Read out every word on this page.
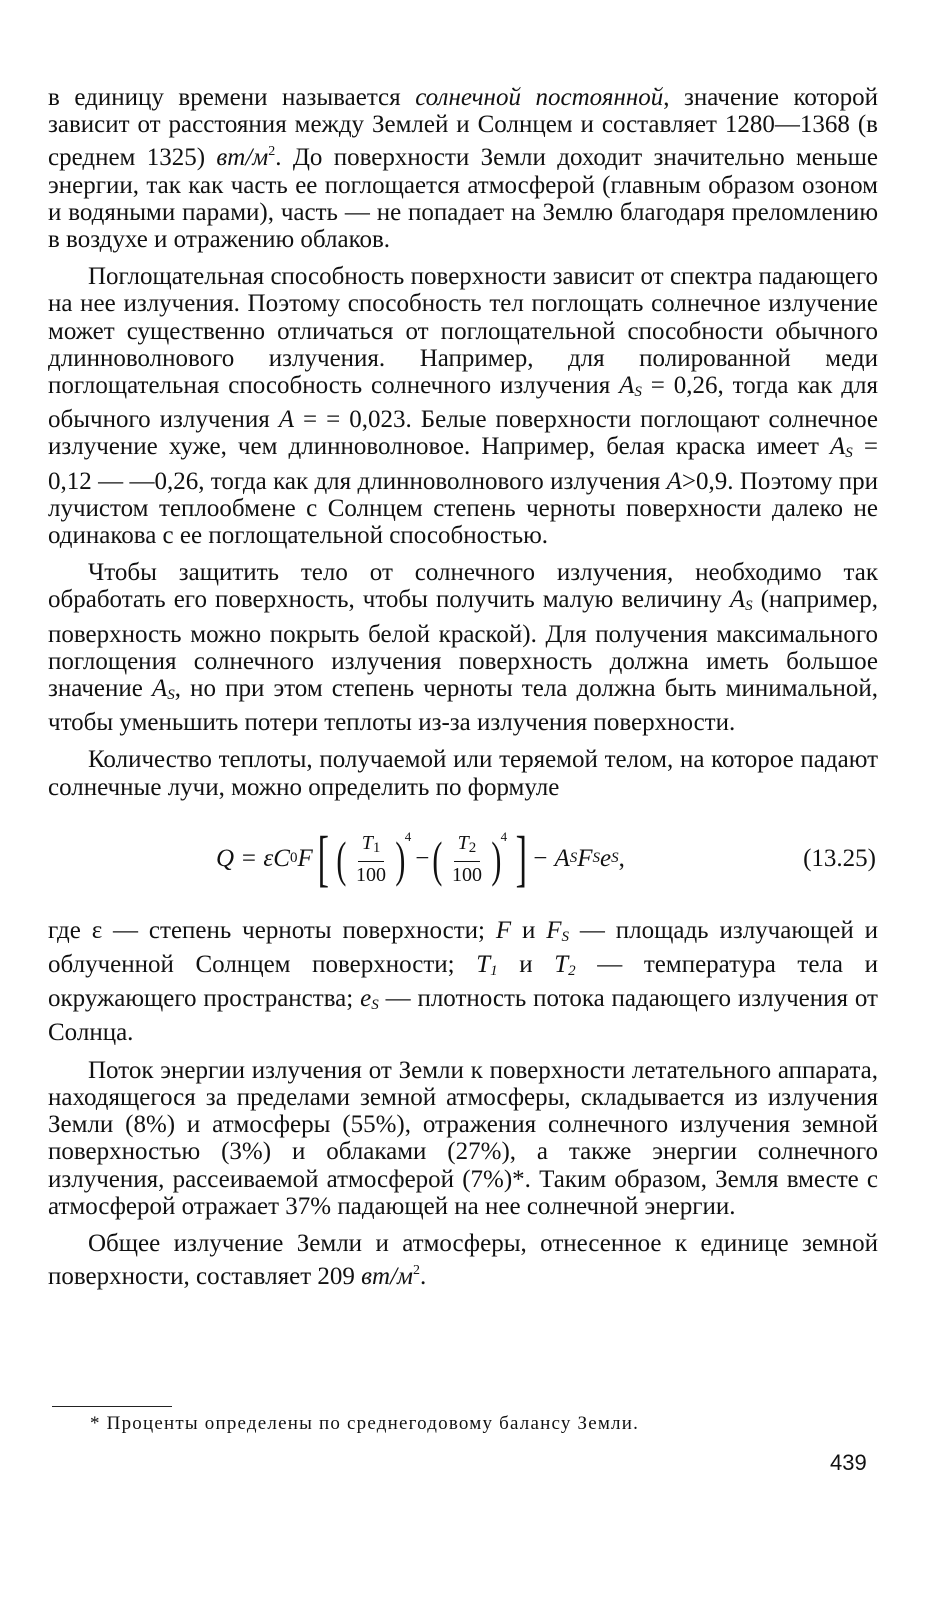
в единицу времени называется солнечной постоянной, значение которой зависит от расстояния между Землей и Солнцем и составляет 1280—1368 (в среднем 1325) $вт/м^2$. До поверхности Земли доходит значительно меньше энергии, так как часть ее поглощается атмосферой (главным образом озоном и водяными парами), часть — не попадает на Землю благодаря преломлению в воздухе и отражению облаков.

Поглощательная способность поверхности зависит от спектра падающего на нее излучения. Поэтому способность тел поглощать солнечное излучение может существенно отличаться от поглощательной способности обычного длинноволнового излучения. Например, для полированной меди поглощательная способность солнечного излучения $A_S = 0,26$, тогда как для обычного излучения A = = 0,023. Белые поверхности поглощают солнечное излучение хуже, чем длинноволновое. Например, белая краска имеет $A_S = 0,12$ — —0,26, тогда как для длинноволнового излучения A>0,9. Поэтому при лучистом теплообмене с Солнцем степень черноты поверхности далеко не одинакова с ее поглощательной способностью.

Чтобы защитить тело от солнечного излучения, необходимо так обработать его поверхность, чтобы получить малую величину $A_S$ (например, поверхность можно покрыть белой краской). Для получения максимального поглощения солнечного излучения поверхность должна иметь большое значение $A_S$, но при этом степень черноты тела должна быть минимальной, чтобы уменьшить потери теплоты из-за излучения поверхности.

Количество теплоты, получаемой или теряемой телом, на которое падают солнечные лучи, можно определить по формуле

Q = εC 0 F [ ( $\frac{T_1}{100}$ ) 4
− ( $\frac{T_2}{100}$ ) 4 ] − A S F S e S ,	(13.25)

где ε — степень черноты поверхности; F и $F_S$ — площадь излучающей и облученной Солнцем поверхности; $T_1$ и $T_2$ — температура тела и окружающего пространства; $e_S$ — плотность потока падающего излучения от Солнца.

Поток энергии излучения от Земли к поверхности летательного аппарата, находящегося за пределами земной атмосферы, складывается из излучения Земли (8%) и атмосферы (55%), отражения солнечного излучения земной поверхностью (3%) и облаками (27%), а также энергии солнечного излучения, рассеиваемой атмосферой (7%)*. Таким образом, Земля вместе с атмосферой отражает 37% падающей на нее солнечной энергии.

Общее излучение Земли и атмосферы, отнесенное к единице земной поверхности, составляет 209 $вт/м^2$.

* Проценты определены по среднегодовому балансу Земли.
439
